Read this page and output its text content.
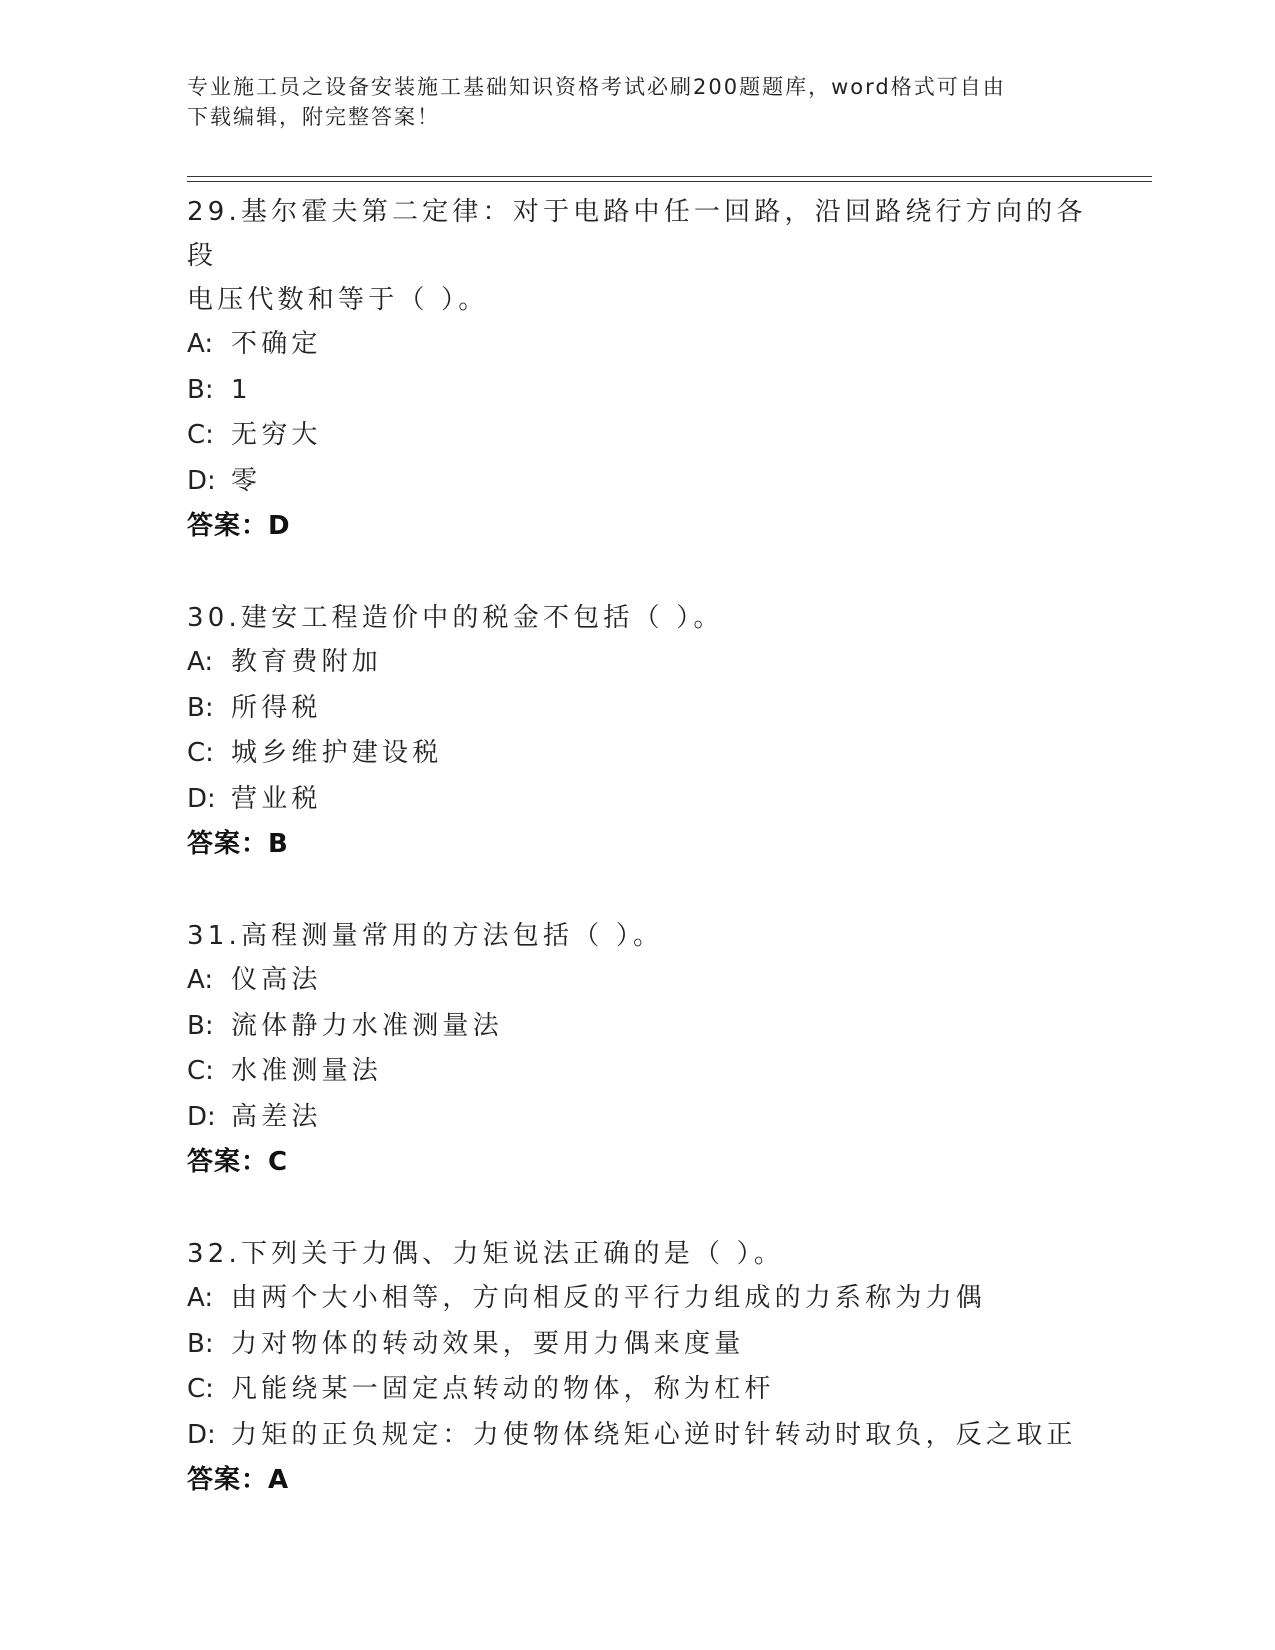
专业施工员之设备安装施工基础知识资格考试必刷200题题库，word格式可自由
下载编辑，附完整答案！

29.基尔霍夫第二定律：对于电路中任一回路，沿回路绕行方向的各段

电压代数和等于（ ）。

A: 不确定

B: 1

C: 无穷大

D: 零

答案：D

30.建安工程造价中的税金不包括（ ）。

A: 教育费附加

B: 所得税

C: 城乡维护建设税

D: 营业税

答案：B

31.高程测量常用的方法包括（ ）。

A: 仪高法

B: 流体静力水准测量法

C: 水准测量法

D: 高差法

答案：C

32.下列关于力偶、力矩说法正确的是（ ）。

A: 由两个大小相等，方向相反的平行力组成的力系称为力偶

B: 力对物体的转动效果，要用力偶来度量

C: 凡能绕某一固定点转动的物体，称为杠杆

D: 力矩的正负规定：力使物体绕矩心逆时针转动时取负，反之取正

答案：A
